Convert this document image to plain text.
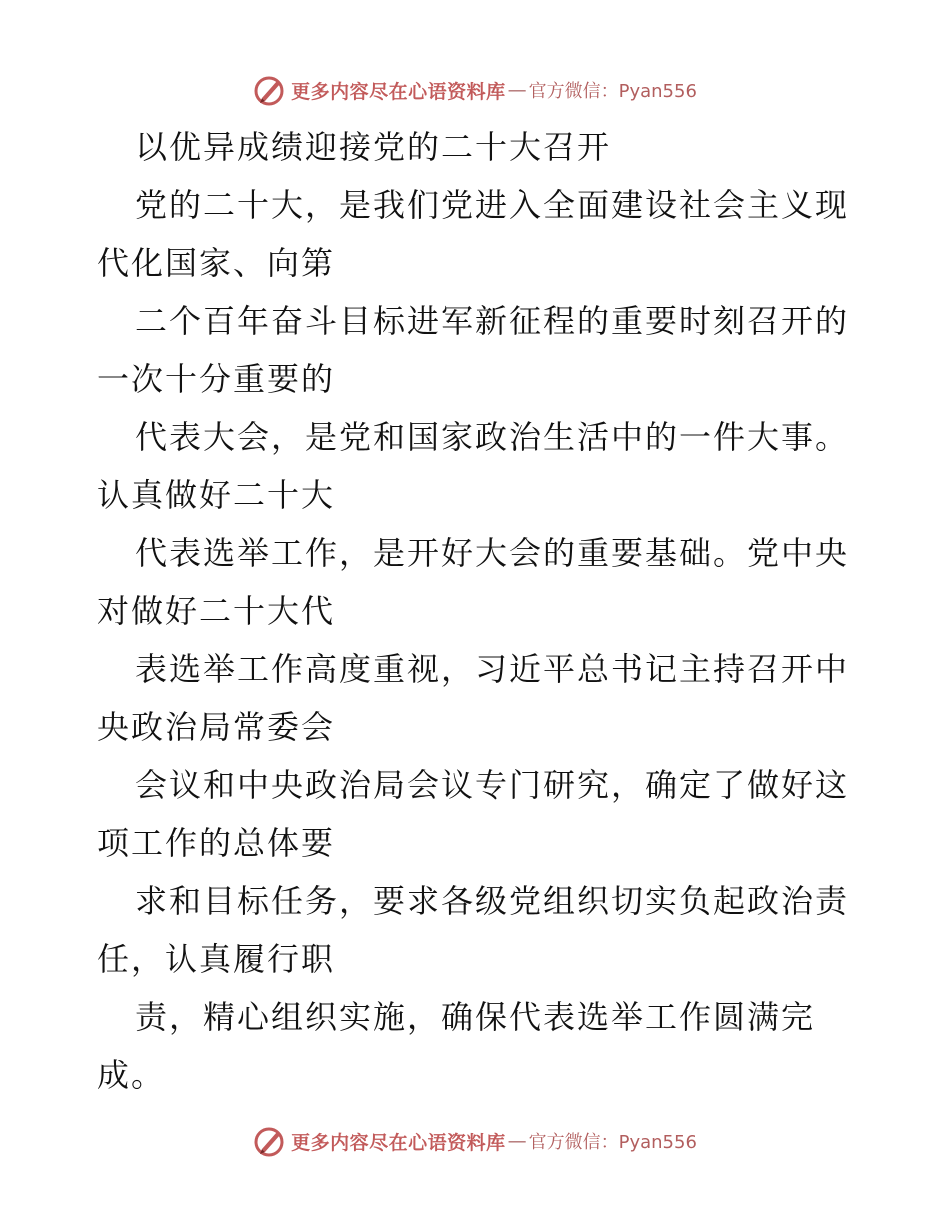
更多内容尽在心语资料库 — 官方微信：Pyan556
以优异成绩迎接党的二十大召开
党的二十大，是我们党进入全面建设社会主义现
代化国家、向第
二个百年奋斗目标进军新征程的重要时刻召开的
一次十分重要的
代表大会，是党和国家政治生活中的一件大事。
认真做好二十大
代表选举工作，是开好大会的重要基础。党中央
对做好二十大代
表选举工作高度重视，习近平总书记主持召开中
央政治局常委会
会议和中央政治局会议专门研究，确定了做好这
项工作的总体要
求和目标任务，要求各级党组织切实负起政治责
任，认真履行职
责，精心组织实施，确保代表选举工作圆满完
成。
更多内容尽在心语资料库 — 官方微信：Pyan556
